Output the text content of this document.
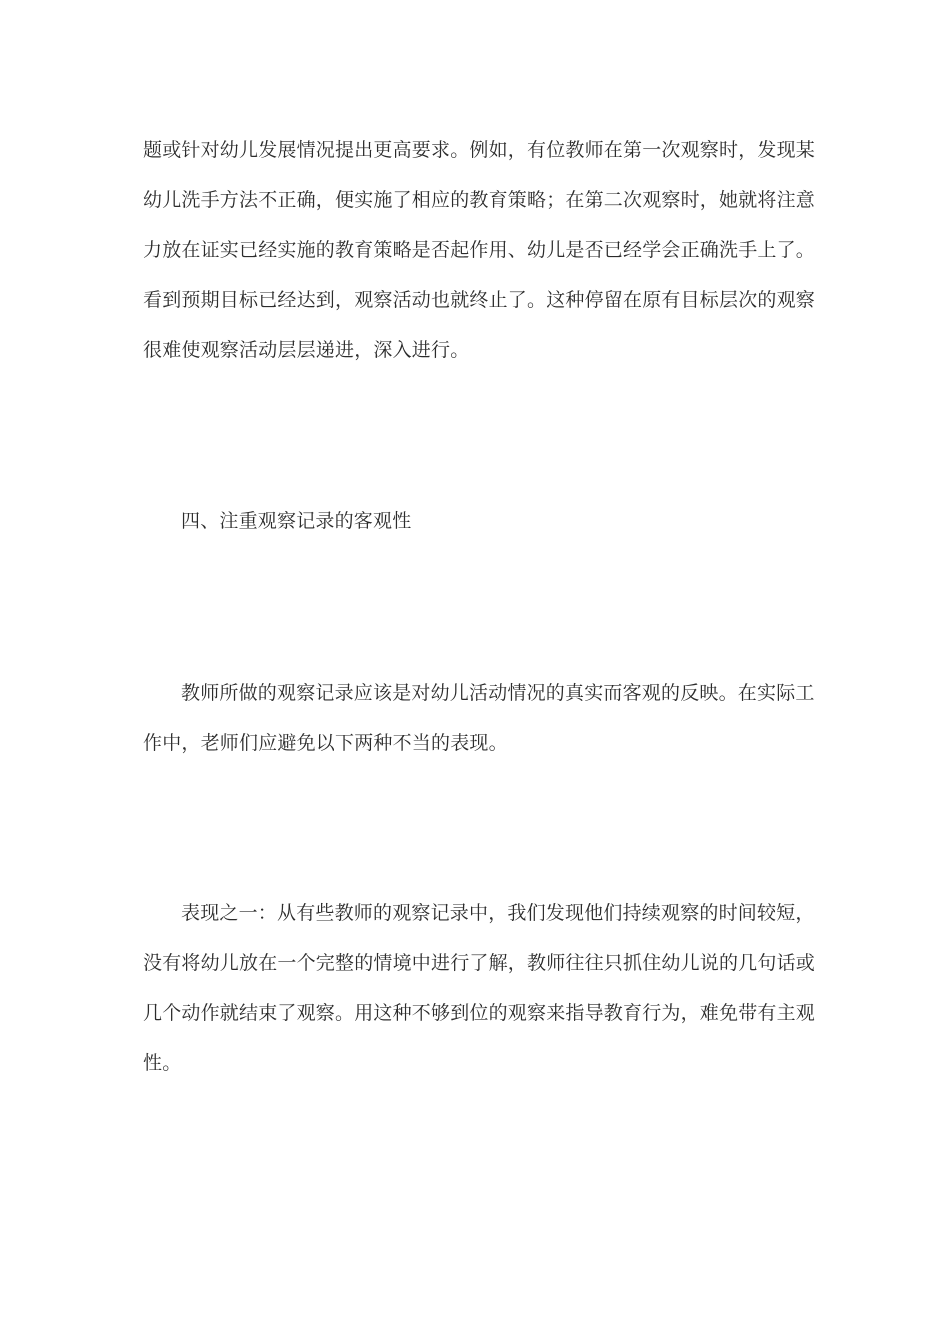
题或针对幼儿发展情况提出更高要求。例如，有位教师在第一次观察时，发现某
幼儿洗手方法不正确，便实施了相应的教育策略；在第二次观察时，她就将注意
力放在证实已经实施的教育策略是否起作用、幼儿是否已经学会正确洗手上了。
看到预期目标已经达到，观察活动也就终止了。这种停留在原有目标层次的观察
很难使观察活动层层递进，深入进行。
四、注重观察记录的客观性
教师所做的观察记录应该是对幼儿活动情况的真实而客观的反映。在实际工
作中，老师们应避免以下两种不当的表现。
表现之一：从有些教师的观察记录中，我们发现他们持续观察的时间较短，
没有将幼儿放在一个完整的情境中进行了解，教师往往只抓住幼儿说的几句话或
几个动作就结束了观察。用这种不够到位的观察来指导教育行为，难免带有主观
性。
